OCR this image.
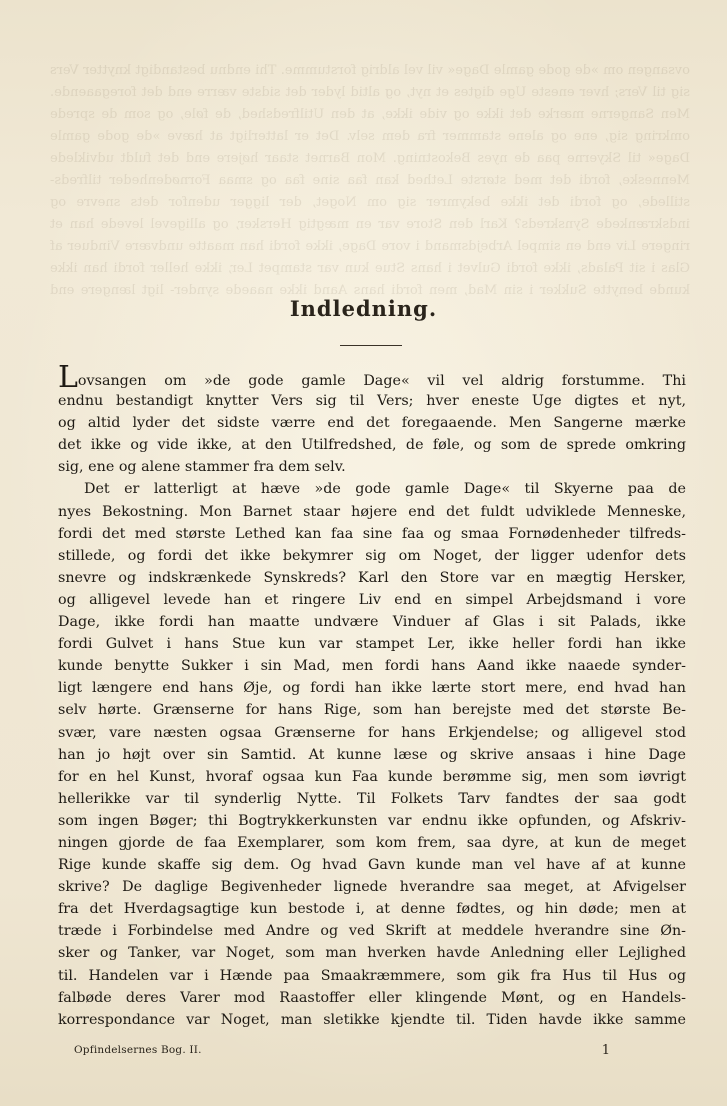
ovsangen om »de gode gamle Dage« vil vel aldrig forstumme. Thi endnu bestandigt knytter Vers sig til Vers; hver eneste Uge digtes et nyt, og altid lyder det sidste værre end det foregaaende. Men Sangerne mærke det ikke og vide ikke, at den Utilfredshed, de føle, og som de sprede omkring sig, ene og alene stammer fra dem selv. Det er latterligt at hæve »de gode gamle Dage« til Skyerne paa de nyes Bekostning. Mon Barnet staar højere end det fuldt udviklede Menneske, fordi det med største Lethed kan faa sine faa og smaa Fornødenheder tilfreds- stillede, og fordi det ikke bekymrer sig om Noget, der ligger udenfor dets snevre og indskrænkede Synskreds? Karl den Store var en mægtig Hersker, og alligevel levede han et ringere Liv end en simpel Arbejdsmand i vore Dage, ikke fordi han maatte undvære Vinduer af Glas i sit Palads, ikke fordi Gulvet i hans Stue kun var stampet Ler, ikke heller fordi han ikke kunde benytte Sukker i sin Mad, men fordi hans Aand ikke naaede synder- ligt længere end
Indledning.
Lovsangen om »de gode gamle Dage« vil vel aldrig forstumme. Thi
endnu bestandigt knytter Vers sig til Vers; hver eneste Uge digtes et nyt,
og altid lyder det sidste værre end det foregaaende. Men Sangerne mærke
det ikke og vide ikke, at den Utilfredshed, de føle, og som de sprede omkring
sig, ene og alene stammer fra dem selv.
Det er latterligt at hæve »de gode gamle Dage« til Skyerne paa de
nyes Bekostning. Mon Barnet staar højere end det fuldt udviklede Menneske,
fordi det med største Lethed kan faa sine faa og smaa Fornødenheder tilfreds-
stillede, og fordi det ikke bekymrer sig om Noget, der ligger udenfor dets
snevre og indskrænkede Synskreds? Karl den Store var en mægtig Hersker,
og alligevel levede han et ringere Liv end en simpel Arbejdsmand i vore
Dage, ikke fordi han maatte undvære Vinduer af Glas i sit Palads, ikke
fordi Gulvet i hans Stue kun var stampet Ler, ikke heller fordi han ikke
kunde benytte Sukker i sin Mad, men fordi hans Aand ikke naaede synder-
ligt længere end hans Øje, og fordi han ikke lærte stort mere, end hvad han
selv hørte. Grænserne for hans Rige, som han berejste med det største Be-
svær, vare næsten ogsaa Grænserne for hans Erkjendelse; og alligevel stod
han jo højt over sin Samtid. At kunne læse og skrive ansaas i hine Dage
for en hel Kunst, hvoraf ogsaa kun Faa kunde berømme sig, men som iøvrigt
hellerikke var til synderlig Nytte. Til Folkets Tarv fandtes der saa godt
som ingen Bøger; thi Bogtrykkerkunsten var endnu ikke opfunden, og Afskriv-
ningen gjorde de faa Exemplarer, som kom frem, saa dyre, at kun de meget
Rige kunde skaffe sig dem. Og hvad Gavn kunde man vel have af at kunne
skrive? De daglige Begivenheder lignede hverandre saa meget, at Afvigelser
fra det Hverdagsagtige kun bestode i, at denne fødtes, og hin døde; men at
træde i Forbindelse med Andre og ved Skrift at meddele hverandre sine Øn-
sker og Tanker, var Noget, som man hverken havde Anledning eller Lejlighed
til. Handelen var i Hænde paa Smaakræmmere, som gik fra Hus til Hus og
falbøde deres Varer mod Raastoffer eller klingende Mønt, og en Handels-
korrespondance var Noget, man sletikke kjendte til. Tiden havde ikke samme
Opfindelsernes Bog. II.	1
